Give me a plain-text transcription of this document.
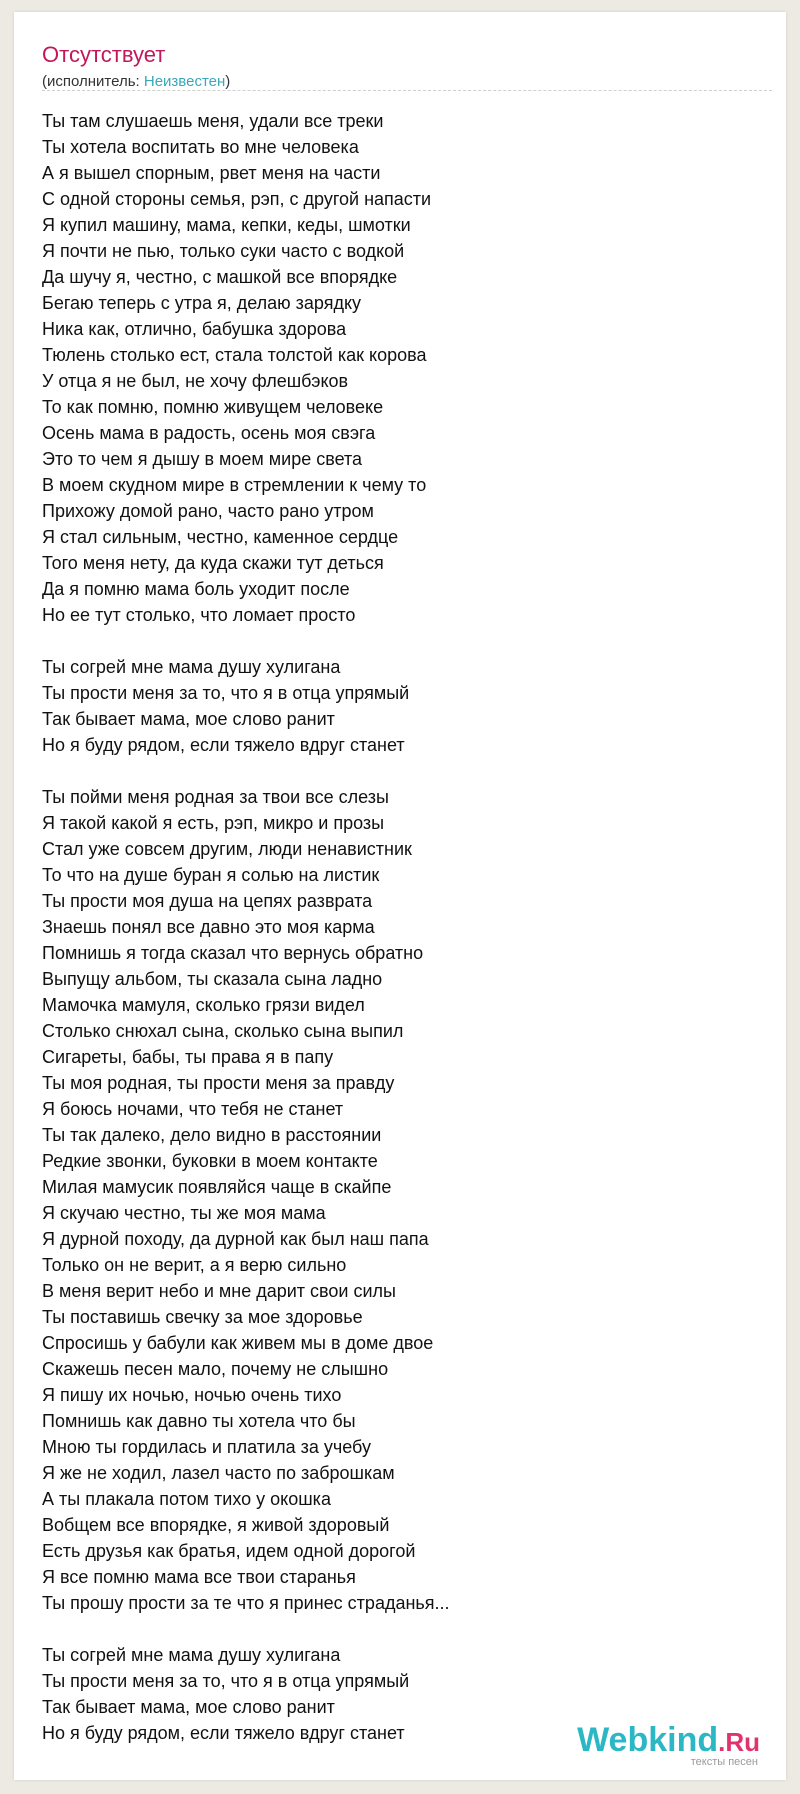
Отсутствует
(исполнитель: Неизвестен)
Ты там слушаешь меня, удали все треки
Ты хотела воспитать во мне человека
А я вышел спорным, рвет меня на части
С одной стороны семья, рэп, с другой напасти
Я купил машину, мама, кепки, кеды, шмотки
Я почти не пью, только суки часто с водкой
Да шучу я, честно, с машкой все впорядке
Бегаю теперь с утра я, делаю зарядку
Ника как, отлично, бабушка здорова
Тюлень столько ест, стала толстой как корова
У отца я не был, не хочу флешбэков
То как помню, помню живущем человеке
Осень мама в радость, осень моя свэга
Это то чем я дышу в моем мире света
В моем скудном мире в стремлении к чему то
Прихожу домой рано, часто рано утром
Я стал сильным, честно, каменное сердце
Того меня нету, да куда скажи тут деться
Да я помню мама боль уходит после
Но ее тут столько, что ломает просто
Ты согрей мне мама душу хулигана
Ты прости меня за то, что я в отца упрямый
Так бывает мама, мое слово ранит
Но я буду рядом, если тяжело вдруг станет
Ты пойми меня родная за твои все слезы
Я такой какой я есть, рэп, микро и прозы
Стал уже совсем другим, люди ненавистник
То что на душе буран я солью на листик
Ты прости моя душа на цепях разврата
Знаешь понял все давно это моя карма
Помнишь я тогда сказал что вернусь обратно
Выпущу альбом, ты сказала сына ладно
Мамочка мамуля, сколько грязи видел
Столько снюхал сына, сколько сына выпил
Сигареты, бабы, ты права я в папу
Ты моя родная, ты прости меня за правду
Я боюсь ночами, что тебя не станет
Ты так далеко, дело видно в расстоянии
Редкие звонки, буковки в моем контакте
Милая мамусик появляйся чаще в скайпе
Я скучаю честно, ты же моя мама
Я дурной походу, да дурной как был наш папа
Только он не верит, а я верю сильно
В меня верит небо и мне дарит свои силы
Ты поставишь свечку за мое здоровье
Спросишь у бабули как живем мы в доме двое
Скажешь песен мало, почему не слышно
Я пишу их ночью, ночью очень тихо
Помнишь как давно ты хотела что бы
Мною ты гордилась и платила за учебу
Я же не ходил, лазел часто по заброшкам
А ты плакала потом тихо у окошка
Вобщем все впорядке, я живой здоровый
Есть друзья как братья, идем одной дорогой
Я все помню мама все твои старанья
Ты прошу прости за те что я принес страданья...
Ты согрей мне мама душу хулигана
Ты прости меня за то, что я в отца упрямый
Так бывает мама, мое слово ранит
Но я буду рядом, если тяжело вдруг станет	Webkind.Ru
тексты песен
